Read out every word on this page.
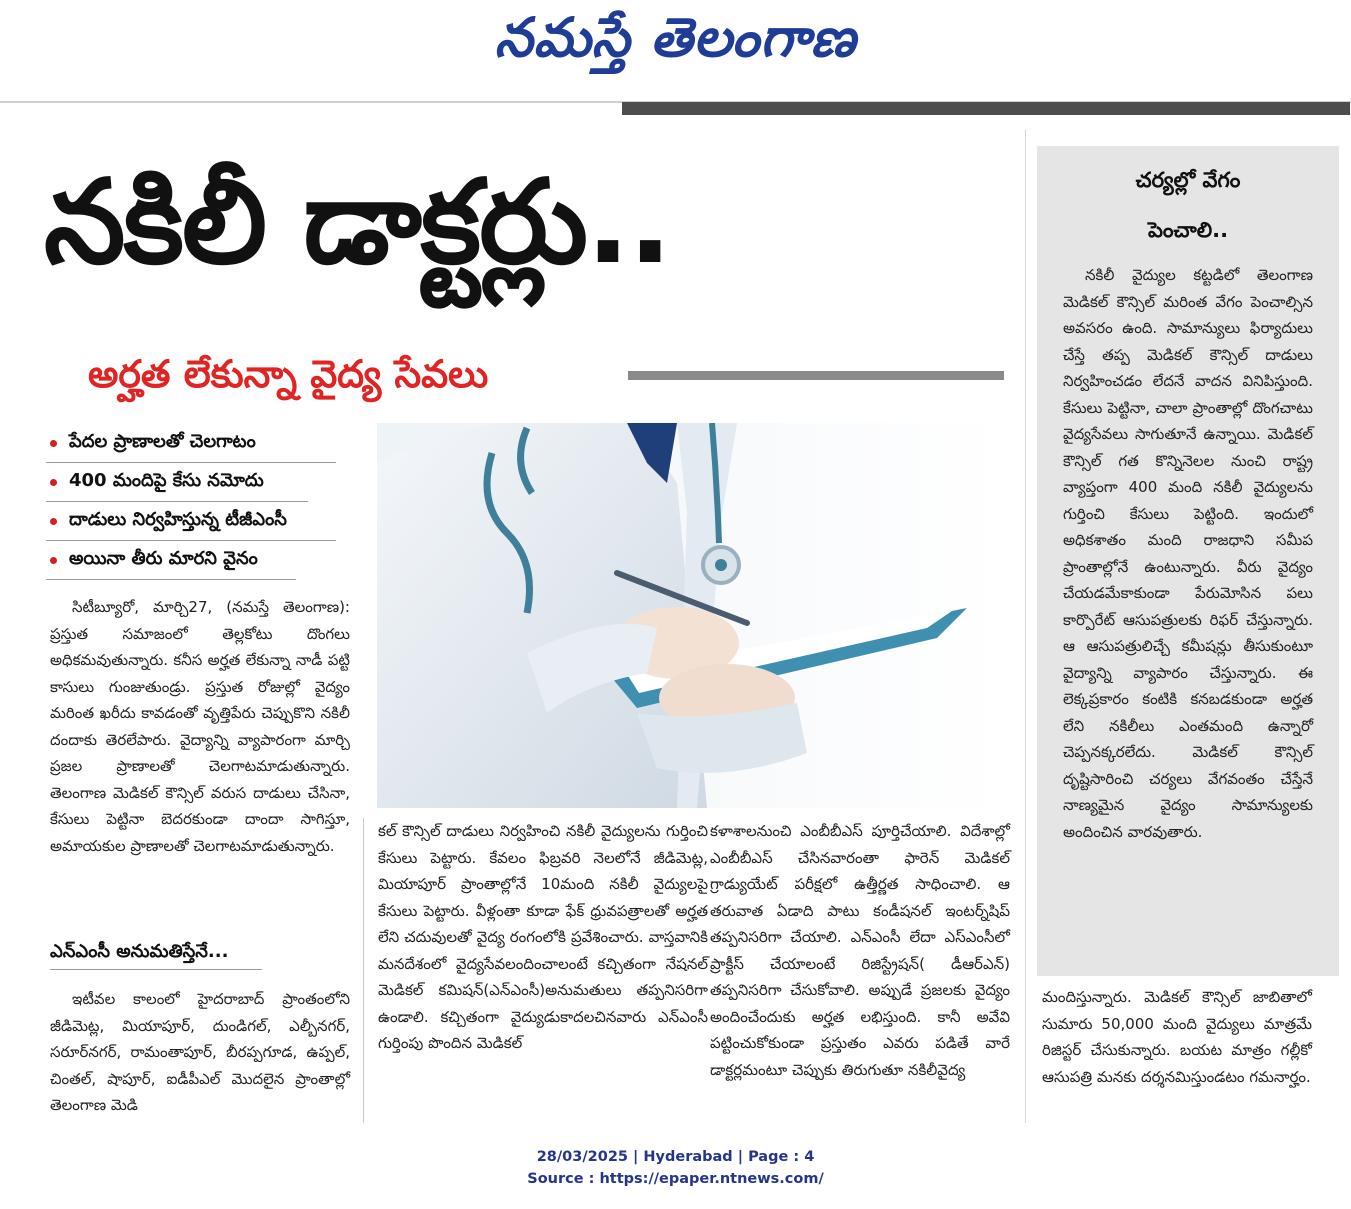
నమస్తే తెలంగాణ
నకిలీ డాక్టర్లు..
అర్హత లేకున్నా వైద్య సేవలు
పేదల ప్రాణాలతో చెలగాటం
400 మందిపై కేసు నమోదు
దాడులు నిర్వహిస్తున్న టీజీఎంసీ
అయినా తీరు మారని వైనం

సిటీబ్యూరో, మార్చి27, (నమస్తే తెలంగాణ): ప్రస్తుత సమాజంలో తెల్లకోటు దొంగలు అధికమవుతున్నారు. కనీస అర్హత లేకున్నా నాడీ పట్టి కాసులు గుంజుతుండ్రు. ప్రస్తుత రోజుల్లో వైద్యం మరింత ఖరీదు కావడంతో వృత్తిపేరు చెప్పుకొని నకిలీ దందాకు తెరలేపారు. వైద్యాన్ని వ్యాపారంగా మార్చి ప్రజల ప్రాణాలతో చెలగాటమాడుతున్నారు. తెలంగాణ మెడికల్ కౌన్సిల్ వరుస దాడులు చేసినా, కేసులు పెట్టినా బెదరకుండా దాందా సాగిస్తూ, అమాయకుల ప్రాణాలతో చెలగాటమాడుతున్నారు.

ఎన్ఎంసీ అనుమతిస్తేనే...

ఇటీవల కాలంలో హైదరాబాద్ ప్రాంతంలోని జీడిమెట్ల, మియాపూర్, దుండిగల్, ఎల్బీనగర్, సరూర్‌నగర్, రామంతాపూర్, బీరప్పగూడ, ఉప్పల్, చింతల్, షాపూర్, ఐడీపీఎల్ మొదలైన ప్రాంతాల్లో తెలంగాణ మెడి

కల్ కౌన్సిల్ దాడులు నిర్వహించి నకిలీ వైద్యులను గుర్తించి కేసులు పెట్టారు. కేవలం ఫిబ్రవరి నెలలోనే జీడిమెట్ల, మియాపూర్ ప్రాంతాల్లోనే 10మంది నకిలీ వైద్యులపై కేసులు పెట్టారు. వీళ్లంతా కూడా ఫేక్ ధ్రువపత్రాలతో అర్హత లేని చదువులతో వైద్య రంగంలోకి ప్రవేశించారు. వాస్తవానికి మనదేశంలో వైద్యసేవలందించాలంటే కచ్చితంగా నేషనల్ మెడికల్ కమిషన్(ఎన్ఎంసీ)అనుమతులు తప్పనిసరిగా ఉండాలి. కచ్చితంగా వైద్యుడుకాదలచినవారు ఎన్ఎంసీ గుర్తింపు పొందిన మెడికల్

కళాశాలనుంచి ఎంబీబీఎస్ పూర్తిచేయాలి. విదేశాల్లో ఎంబీబీఎస్ చేసినవారంతా ఫారెన్ మెడికల్ గ్రాడ్యుయేట్ పరీక్షలో ఉత్తీర్ణత సాధించాలి. ఆ తరువాత ఏడాది పాటు కండీషనల్ ఇంటర్న్‌షిప్ తప్పనిసరిగా చేయాలి. ఎన్ఎంసీ లేదా ఎస్ఎంసీలో ప్రాక్టీస్ చేయాలంటే రిజిస్ట్రేషన్( డీఆర్ఎన్) తప్పనిసరిగా చేసుకోవాలి. అప్పుడే ప్రజలకు వైద్యం అందించేందుకు అర్హత లభిస్తుంది. కానీ అవేవి పట్టించుకోకుండా ప్రస్తుతం ఎవరు పడితే వారే డాక్టర్లమంటూ చెప్పుకు తిరుగుతూ నకిలీవైద్య

చర్యల్లో వేగం
పెంచాలి..

నకిలీ వైద్యుల కట్టడిలో తెలంగాణ మెడికల్ కౌన్సిల్ మరింత వేగం పెంచాల్సిన అవసరం ఉంది. సామాన్యులు ఫిర్యాదులు చేస్తే తప్ప మెడికల్ కౌన్సిల్ దాడులు నిర్వహించడం లేదనే వాదన వినిపిస్తుంది. కేసులు పెట్టినా, చాలా ప్రాంతాల్లో దొంగచాటు వైద్యసేవలు సాగుతూనే ఉన్నాయి. మెడికల్ కౌన్సిల్ గత కొన్నినెలల నుంచి రాష్ట్ర వ్యాప్తంగా 400 మంది నకిలీ వైద్యులను గుర్తించి కేసులు పెట్టింది. ఇందులో అధికశాతం మంది రాజధాని సమీప ప్రాంతాల్లోనే ఉంటున్నారు. వీరు వైద్యం చేయడమేకాకుండా పేరుమోసిన పలు కార్పొరేట్ ఆసుపత్రులకు రిఫర్ చేస్తున్నారు. ఆ ఆసుపత్రులిచ్చే కమీషన్లు తీసుకుంటూ వైద్యాన్ని వ్యాపారం చేస్తున్నారు. ఈ లెక్కప్రకారం కంటికి కనబడకుండా అర్హత లేని నకిలీలు ఎంతమంది ఉన్నారో చెప్పనక్కరలేదు. మెడికల్ కౌన్సిల్ దృష్టిసారించి చర్యలు వేగవంతం చేస్తేనే నాణ్యమైన వైద్యం సామాన్యులకు అందించిన వారవుతారు.

మందిస్తున్నారు. మెడికల్ కౌన్సిల్ జాబితాలో సుమారు 50,000 మంది వైద్యులు మాత్రమే రిజిస్టర్ చేసుకున్నారు. బయట మాత్రం గల్లీకో ఆసుపత్రి మనకు దర్శనమిస్తుండటం గమనార్హం.

28/03/2025 | Hyderabad | Page : 4
Source : https://epaper.ntnews.com/
